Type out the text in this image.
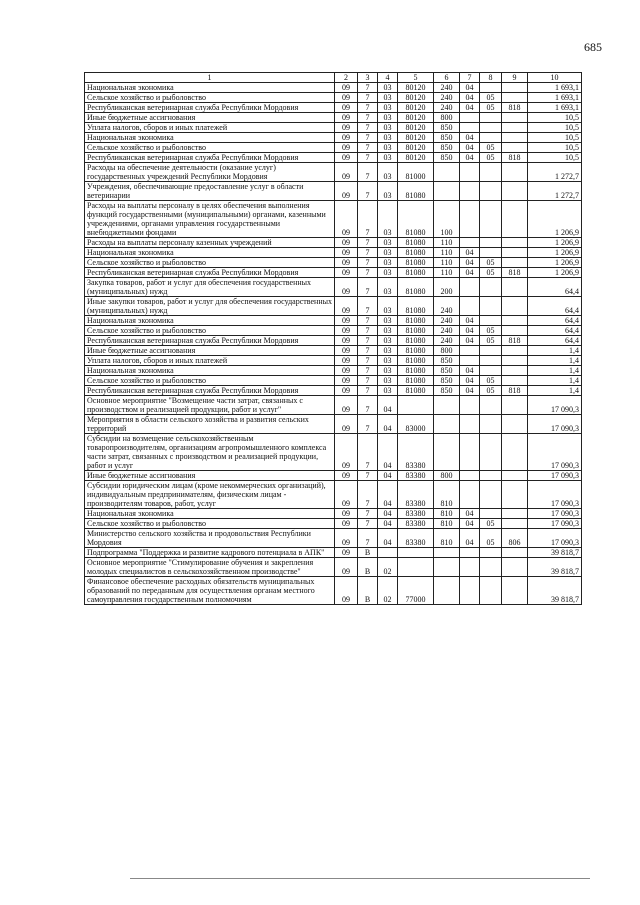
685
1	2	3	4	5	6	7	8	9	10
Национальная экономика	09	7	03	80120	240	04			1 693,1
Сельское хозяйство и рыболовство	09	7	03	80120	240	04	05		1 693,1
Республиканская ветеринарная служба Республики Мордовия	09	7	03	80120	240	04	05	818	1 693,1
Иные бюджетные ассигнования	09	7	03	80120	800				10,5
Уплата налогов, сборов и иных платежей	09	7	03	80120	850				10,5
Национальная экономика	09	7	03	80120	850	04			10,5
Сельское хозяйство и рыболовство	09	7	03	80120	850	04	05		10,5
Республиканская ветеринарная служба Республики Мордовия	09	7	03	80120	850	04	05	818	10,5
Расходы на обеспечение деятельности (оказание услуг) государственных учреждений Республики Мордовия	09	7	03	81000					1 272,7
Учреждения, обеспечивающие предоставление услуг в области ветеринарии	09	7	03	81080					1 272,7
Расходы на выплаты персоналу в целях обеспечения выполнения функций государственными (муниципальными) органами, казенными учреждениями, органами управления государственными внебюджетными фондами	09	7	03	81080	100				1 206,9
Расходы на выплаты персоналу казенных учреждений	09	7	03	81080	110				1 206,9
Национальная экономика	09	7	03	81080	110	04			1 206,9
Сельское хозяйство и рыболовство	09	7	03	81080	110	04	05		1 206,9
Республиканская ветеринарная служба Республики Мордовия	09	7	03	81080	110	04	05	818	1 206,9
Закупка товаров, работ и услуг для обеспечения государственных (муниципальных) нужд	09	7	03	81080	200				64,4
Иные закупки товаров, работ и услуг для обеспечения государственных (муниципальных) нужд	09	7	03	81080	240				64,4
Национальная экономика	09	7	03	81080	240	04			64,4
Сельское хозяйство и рыболовство	09	7	03	81080	240	04	05		64,4
Республиканская ветеринарная служба Республики Мордовия	09	7	03	81080	240	04	05	818	64,4
Иные бюджетные ассигнования	09	7	03	81080	800				1,4
Уплата налогов, сборов и иных платежей	09	7	03	81080	850				1,4
Национальная экономика	09	7	03	81080	850	04			1,4
Сельское хозяйство и рыболовство	09	7	03	81080	850	04	05		1,4
Республиканская ветеринарная служба Республики Мордовия	09	7	03	81080	850	04	05	818	1,4
Основное мероприятие "Возмещение части затрат, связанных с производством и реализацией продукции, работ и услуг"	09	7	04						17 090,3
Мероприятия в области сельского хозяйства и развития сельских территорий	09	7	04	83000					17 090,3
Субсидии на возмещение сельскохозяйственным товаропроизводителям, организациям агропромышленного комплекса части затрат, связанных с производством и реализацией продукции, работ и услуг	09	7	04	83380					17 090,3
Иные бюджетные ассигнования	09	7	04	83380	800				17 090,3
Субсидии юридическим лицам (кроме некоммерческих организаций), индивидуальным предпринимателям, физическим лицам - производителям товаров, работ, услуг	09	7	04	83380	810				17 090,3
Национальная экономика	09	7	04	83380	810	04			17 090,3
Сельское хозяйство и рыболовство	09	7	04	83380	810	04	05		17 090,3
Министерство сельского хозяйства и продовольствия Республики Мордовия	09	7	04	83380	810	04	05	806	17 090,3
Подпрограмма "Поддержка и развитие кадрового потенциала в АПК"	09	В							39 818,7
Основное мероприятие "Стимулирование обучения и закрепления молодых специалистов в сельскохозяйственном производстве"	09	В	02						39 818,7
Финансовое обеспечение расходных обязательств муниципальных образований по переданным для осуществления органам местного самоуправления государственным полномочиям	09	В	02	77000					39 818,7
